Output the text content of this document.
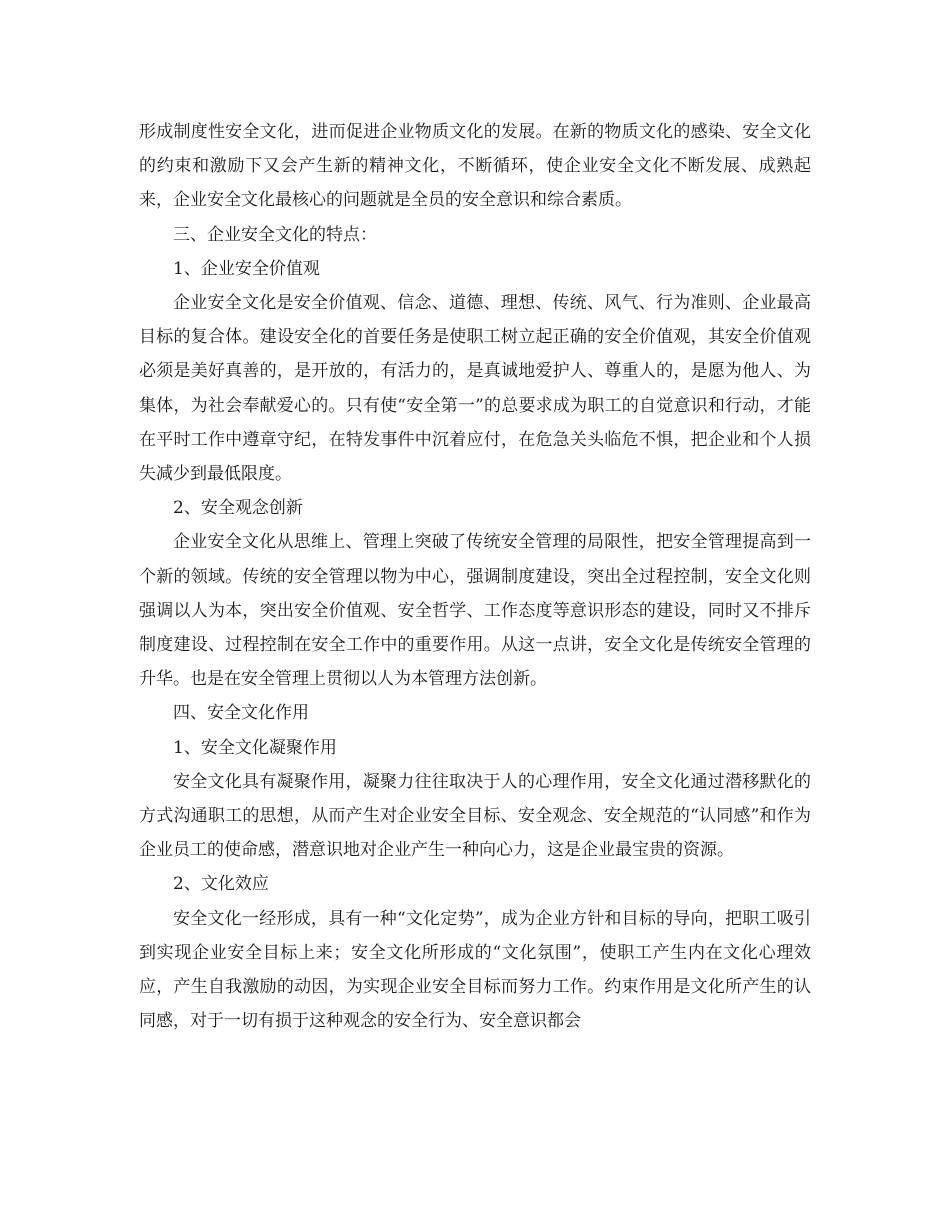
形成制度性安全文化，进而促进企业物质文化的发展。在新的物质文化的感染、安全文化的约束和激励下又会产生新的精神文化，不断循环，使企业安全文化不断发展、成熟起来，企业安全文化最核心的问题就是全员的安全意识和综合素质。

三、企业安全文化的特点：

1、企业安全价值观

企业安全文化是安全价值观、信念、道德、理想、传统、风气、行为准则、企业最高目标的复合体。建设安全化的首要任务是使职工树立起正确的安全价值观，其安全价值观必须是美好真善的，是开放的，有活力的，是真诚地爱护人、尊重人的，是愿为他人、为集体，为社会奉献爱心的。只有使“安全第一”的总要求成为职工的自觉意识和行动，才能在平时工作中遵章守纪，在特发事件中沉着应付，在危急关头临危不惧，把企业和个人损失减少到最低限度。

2、安全观念创新

企业安全文化从思维上、管理上突破了传统安全管理的局限性，把安全管理提高到一个新的领域。传统的安全管理以物为中心，强调制度建设，突出全过程控制，安全文化则强调以人为本，突出安全价值观、安全哲学、工作态度等意识形态的建设，同时又不排斥制度建设、过程控制在安全工作中的重要作用。从这一点讲，安全文化是传统安全管理的升华。也是在安全管理上贯彻以人为本管理方法创新。

四、安全文化作用

1、安全文化凝聚作用

安全文化具有凝聚作用，凝聚力往往取决于人的心理作用，安全文化通过潜移默化的方式沟通职工的思想，从而产生对企业安全目标、安全观念、安全规范的“认同感”和作为企业员工的使命感，潜意识地对企业产生一种向心力，这是企业最宝贵的资源。

2、文化效应

安全文化一经形成，具有一种“文化定势”，成为企业方针和目标的导向，把职工吸引到实现企业安全目标上来；安全文化所形成的“文化氛围”，使职工产生内在文化心理效应，产生自我激励的动因，为实现企业安全目标而努力工作。约束作用是文化所产生的认同感，对于一切有损于这种观念的安全行为、安全意识都会
